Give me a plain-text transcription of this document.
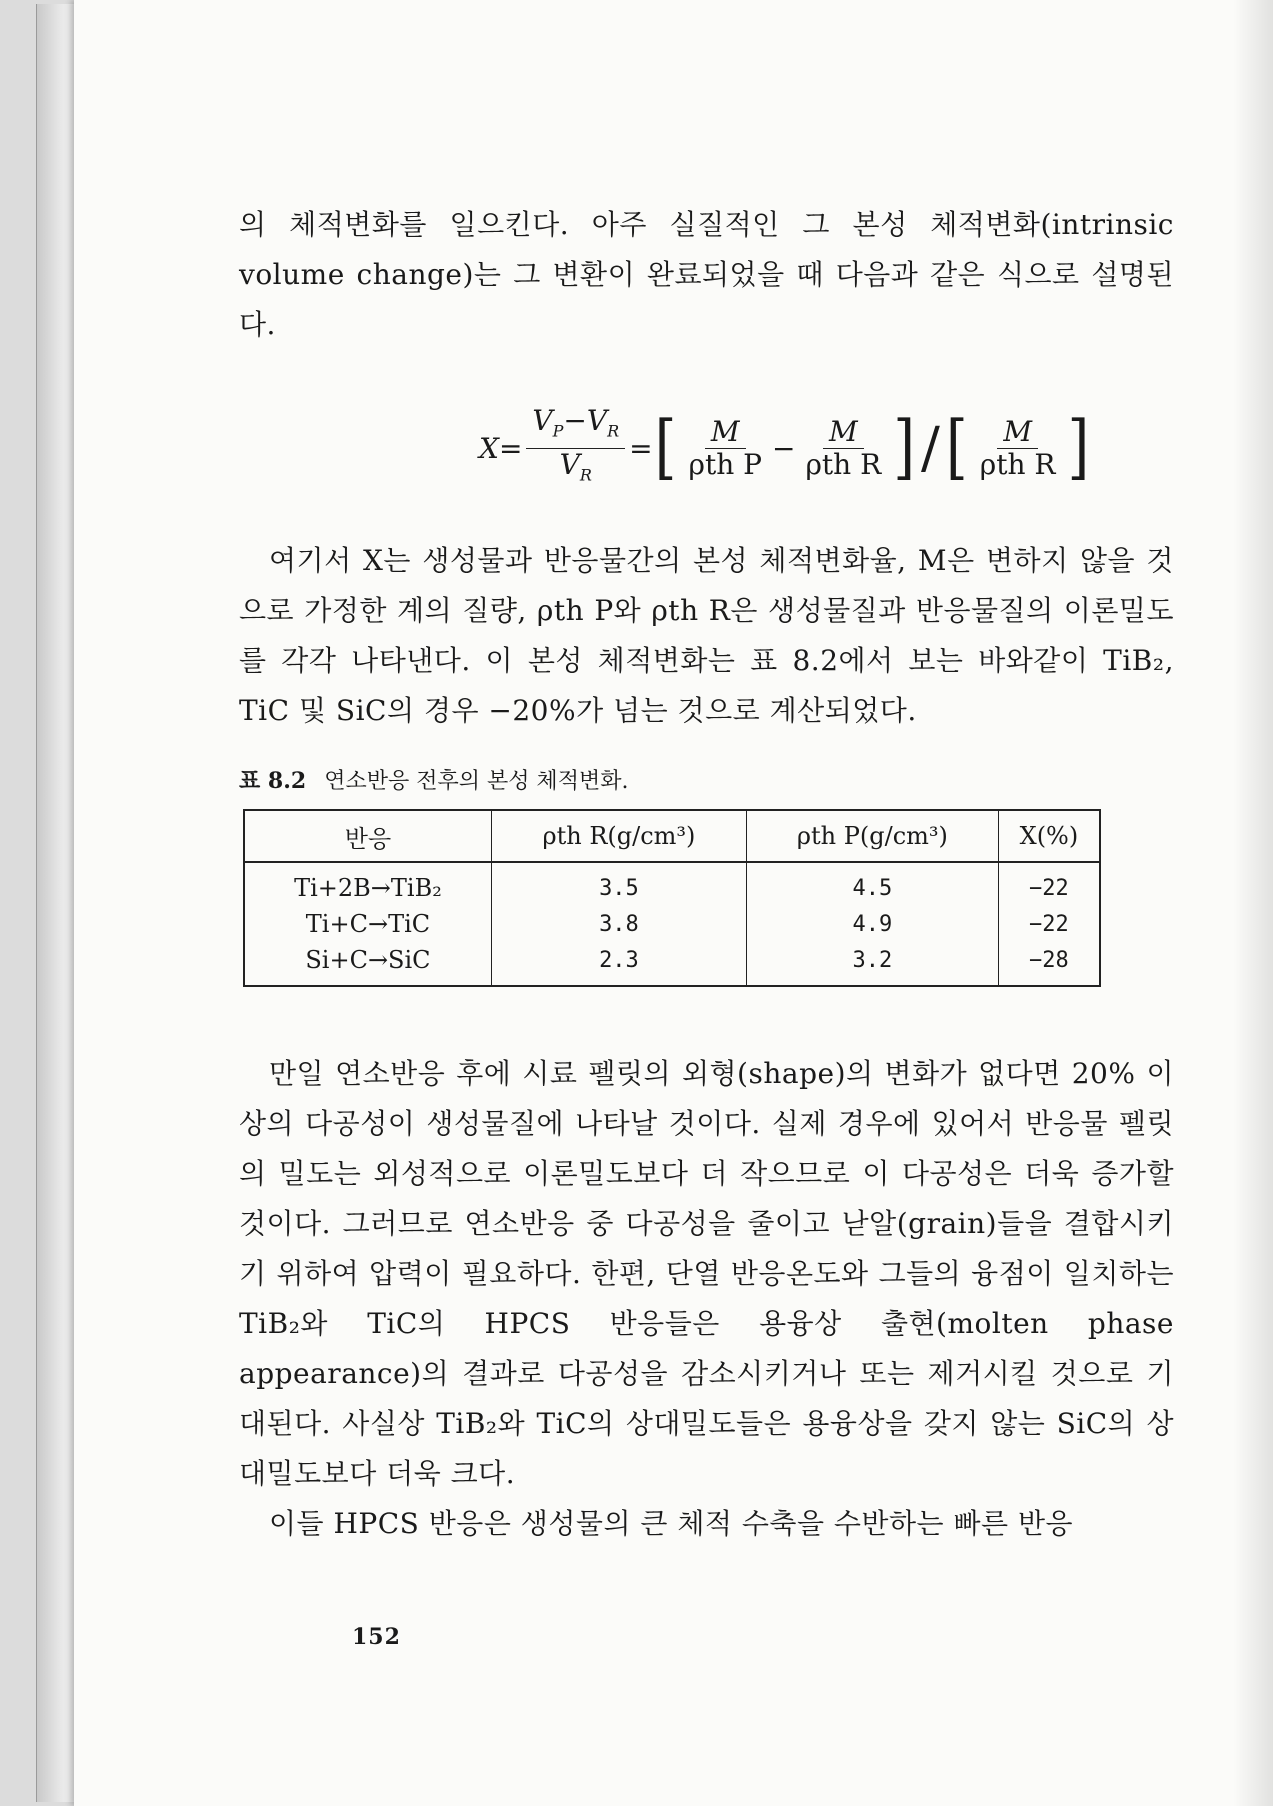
의 체적변화를 일으킨다. 아주 실질적인 그 본성 체적변화(intrinsic volume change)는 그 변환이 완료되었을 때 다음과 같은 식으로 설명된다.

$X = \frac{V_P-V_R}{V_R}$ = [ $\frac{M}{\text{ρth P}} - \frac{M}{\text{ρth R}}$ ] / [ $\frac{M}{\text{ρth R}}$ ]

여기서 X는 생성물과 반응물간의 본성 체적변화율, M은 변하지 않을 것으로 가정한 계의 질량, ρth P와 ρth R은 생성물질과 반응물질의 이론밀도를 각각 나타낸다. 이 본성 체적변화는 표 8.2에서 보는 바와같이 TiB₂, TiC 및 SiC의 경우 −20%가 넘는 것으로 계산되었다.

표 8.2 연소반응 전후의 본성 체적변화.
반응	ρth R(g/cm³)	ρth P(g/cm³)	X(%)
Ti+2B→TiB₂	3.5	4.5	−22
Ti+C→TiC	3.8	4.9	−22
Si+C→SiC	2.3	3.2	−28

만일 연소반응 후에 시료 펠릿의 외형(shape)의 변화가 없다면 20% 이상의 다공성이 생성물질에 나타날 것이다. 실제 경우에 있어서 반응물 펠릿의 밀도는 외성적으로 이론밀도보다 더 작으므로 이 다공성은 더욱 증가할 것이다. 그러므로 연소반응 중 다공성을 줄이고 낟알(grain)들을 결합시키기 위하여 압력이 필요하다. 한편, 단열 반응온도와 그들의 융점이 일치하는 TiB₂와 TiC의 HPCS 반응들은 용융상 출현(molten phase appearance)의 결과로 다공성을 감소시키거나 또는 제거시킬 것으로 기대된다. 사실상 TiB₂와 TiC의 상대밀도들은 용융상을 갖지 않는 SiC의 상대밀도보다 더욱 크다.

이들 HPCS 반응은 생성물의 큰 체적 수축을 수반하는 빠른 반응

152
